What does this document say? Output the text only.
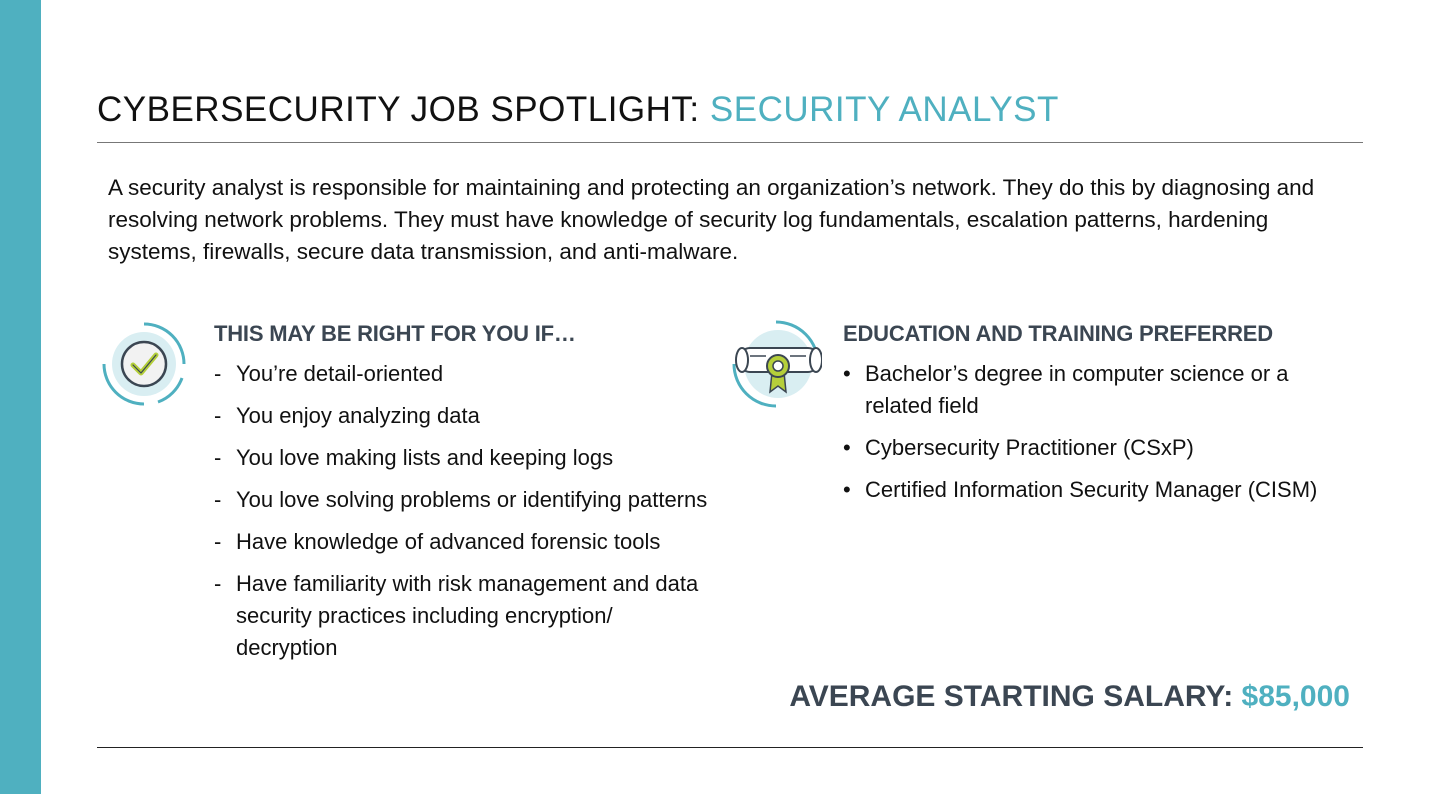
CYBERSECURITY JOB SPOTLIGHT: SECURITY ANALYST

A security analyst is responsible for maintaining and protecting an organization’s network. They do this by diagnosing and resolving network problems. They must have knowledge of security log fundamentals, escalation patterns, hardening systems, firewalls, secure data transmission, and anti-malware.

THIS MAY BE RIGHT FOR YOU IF…
- You’re detail-oriented
- You enjoy analyzing data
- You love making lists and keeping logs
- You love solving problems or identifying patterns
- Have knowledge of advanced forensic tools
- Have familiarity with risk management and data security practices including encryption/ decryption
EDUCATION AND TRAINING PREFERRED
• Bachelor’s degree in computer science or a related field
• Cybersecurity Practitioner (CSxP)
• Certified Information Security Manager (CISM)

AVERAGE STARTING SALARY: $85,000
